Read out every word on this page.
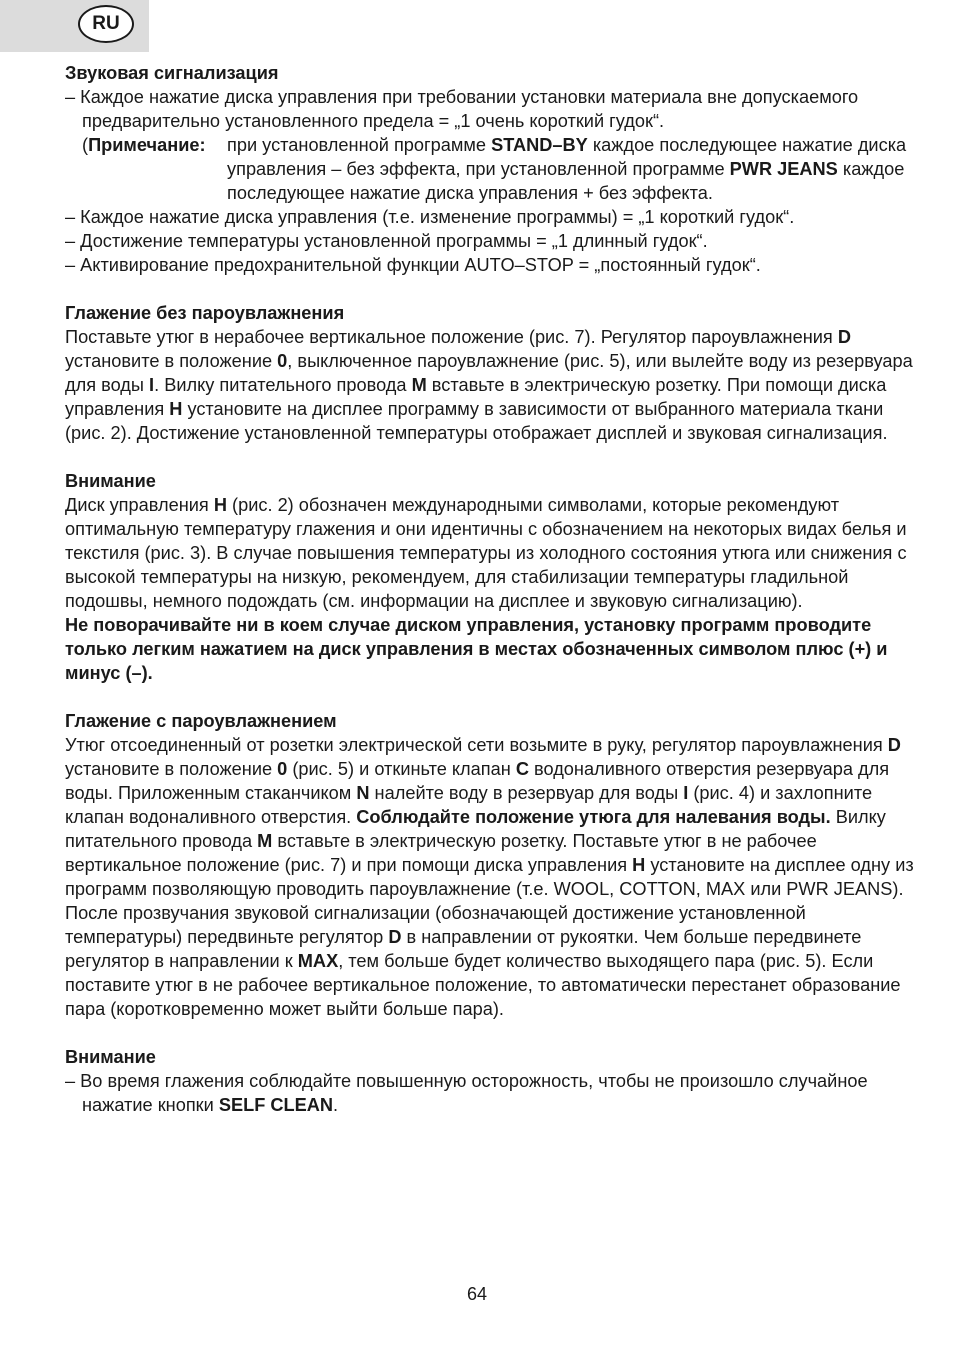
RU

Звуковая сигнализация

– Каждое нажатие диска управления при требовании установки материала вне допускаемого предварительно установленного предела = „1 очень короткий гудок“.

(Примечание:	при установленной программе STAND–BY каждое последующее нажатие диска управления – без эффекта, при установленной программе PWR JEANS каждое последующее нажатие диска управления + без эффекта.

– Каждое нажатие диска управления (т.е. изменение программы) = „1 короткий гудок“.

– Достижение температуры установленной программы = „1 длинный гудок“.

– Активирование предохранительной функции AUTO–STOP = „постоянный гудок“.

Глажение без пароувлажнения

Поставьте утюг в нерабочее вертикальное положение (рис. 7). Регулятор пароувлажнения D установите в положение 0, выключенное пароувлажнение (рис. 5), или вылейте воду из резервуара для воды I. Вилку питательного провода M вставьте в электрическую розетку. При помощи диска управления H установите на дисплее программу в зависимости от выбранного материала ткани (рис. 2). Достижение установленной температуры отображает дисплей и звуковая сигнализация.

Внимание

Диск управления H (рис. 2) обозначен международными символами, которые рекомендуют оптимальную температуру глажения и они идентичны с обозначением на некоторых видах белья и текстиля (рис. 3). В случае повышения температуры из холодного состояния утюга или снижения с высокой температуры на низкую, рекомендуем, для стабилизации температуры гладильной подошвы, немного подождать (см. информации на дисплее и звуковую сигнализацию).

Не поворачивайте ни в коем случае диском управления, установку программ проводите только легким нажатием на диск управления в местах обозначенных символом плюс (+) и минус (–).

Глажение с пароувлажнением

Утюг отсоединенный от розетки электрической сети возьмите в руку, регулятор пароувлажнения D установите в положение 0 (рис. 5) и откиньте клапан C водоналивного отверстия резервуара для воды. Приложенным стаканчиком N налейте воду в резервуар для воды I (рис. 4) и захлопните клапан водоналивного отверстия. Соблюдайте положение утюга для налевания воды. Вилку питательного провода M вставьте в электрическую розетку. Поставьте утюг в не рабочее вертикальное положение (рис. 7) и при помощи диска управления H установите на дисплее одну из программ позволяющую проводить пароувлажнение (т.е. WOOL, COTTON, MAX или PWR JEANS). После прозвучания звуковой сигнализации (обозначающей достижение установленной температуры) передвиньте регулятор D в направлении от рукоятки. Чем больше передвинете регулятор в направлении к MAX, тем больше будет количество выходящего пара (рис. 5). Если поставите утюг в не рабочее вертикальное положение, то автоматически перестанет образование пара (коротковременно может выйти больше пара).

Внимание

– Во время глажения соблюдайте повышенную осторожность, чтобы не произошло случайное нажатие кнопки SELF CLEAN.

64
